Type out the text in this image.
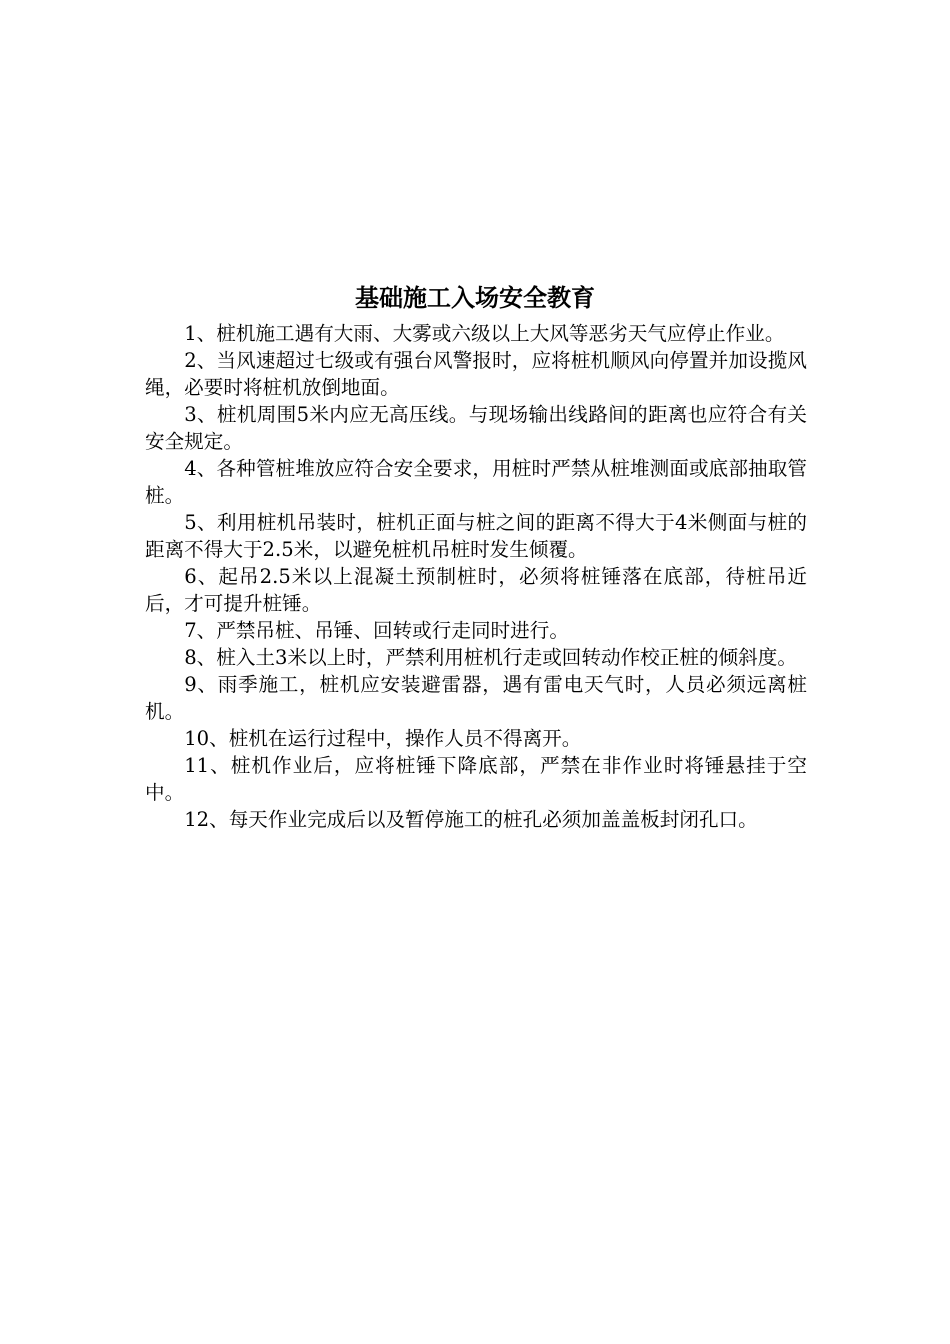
基础施工入场安全教育

1、桩机施工遇有大雨、大雾或六级以上大风等恶劣天气应停止作业。

2、当风速超过七级或有强台风警报时，应将桩机顺风向停置并加设揽风绳，必要时将桩机放倒地面。

3、桩机周围5米内应无高压线。与现场输出线路间的距离也应符合有关安全规定。

4、各种管桩堆放应符合安全要求，用桩时严禁从桩堆测面或底部抽取管桩。

5、利用桩机吊装时，桩机正面与桩之间的距离不得大于4米侧面与桩的距离不得大于2.5米，以避免桩机吊桩时发生倾覆。

6、起吊2.5米以上混凝土预制桩时，必须将桩锤落在底部，待桩吊近后，才可提升桩锤。

7、严禁吊桩、吊锤、回转或行走同时进行。

8、桩入土3米以上时，严禁利用桩机行走或回转动作校正桩的倾斜度。

9、雨季施工，桩机应安装避雷器，遇有雷电天气时，人员必须远离桩机。

10、桩机在运行过程中，操作人员不得离开。

11、桩机作业后，应将桩锤下降底部，严禁在非作业时将锤悬挂于空中。

12、每天作业完成后以及暂停施工的桩孔必须加盖盖板封闭孔口。
